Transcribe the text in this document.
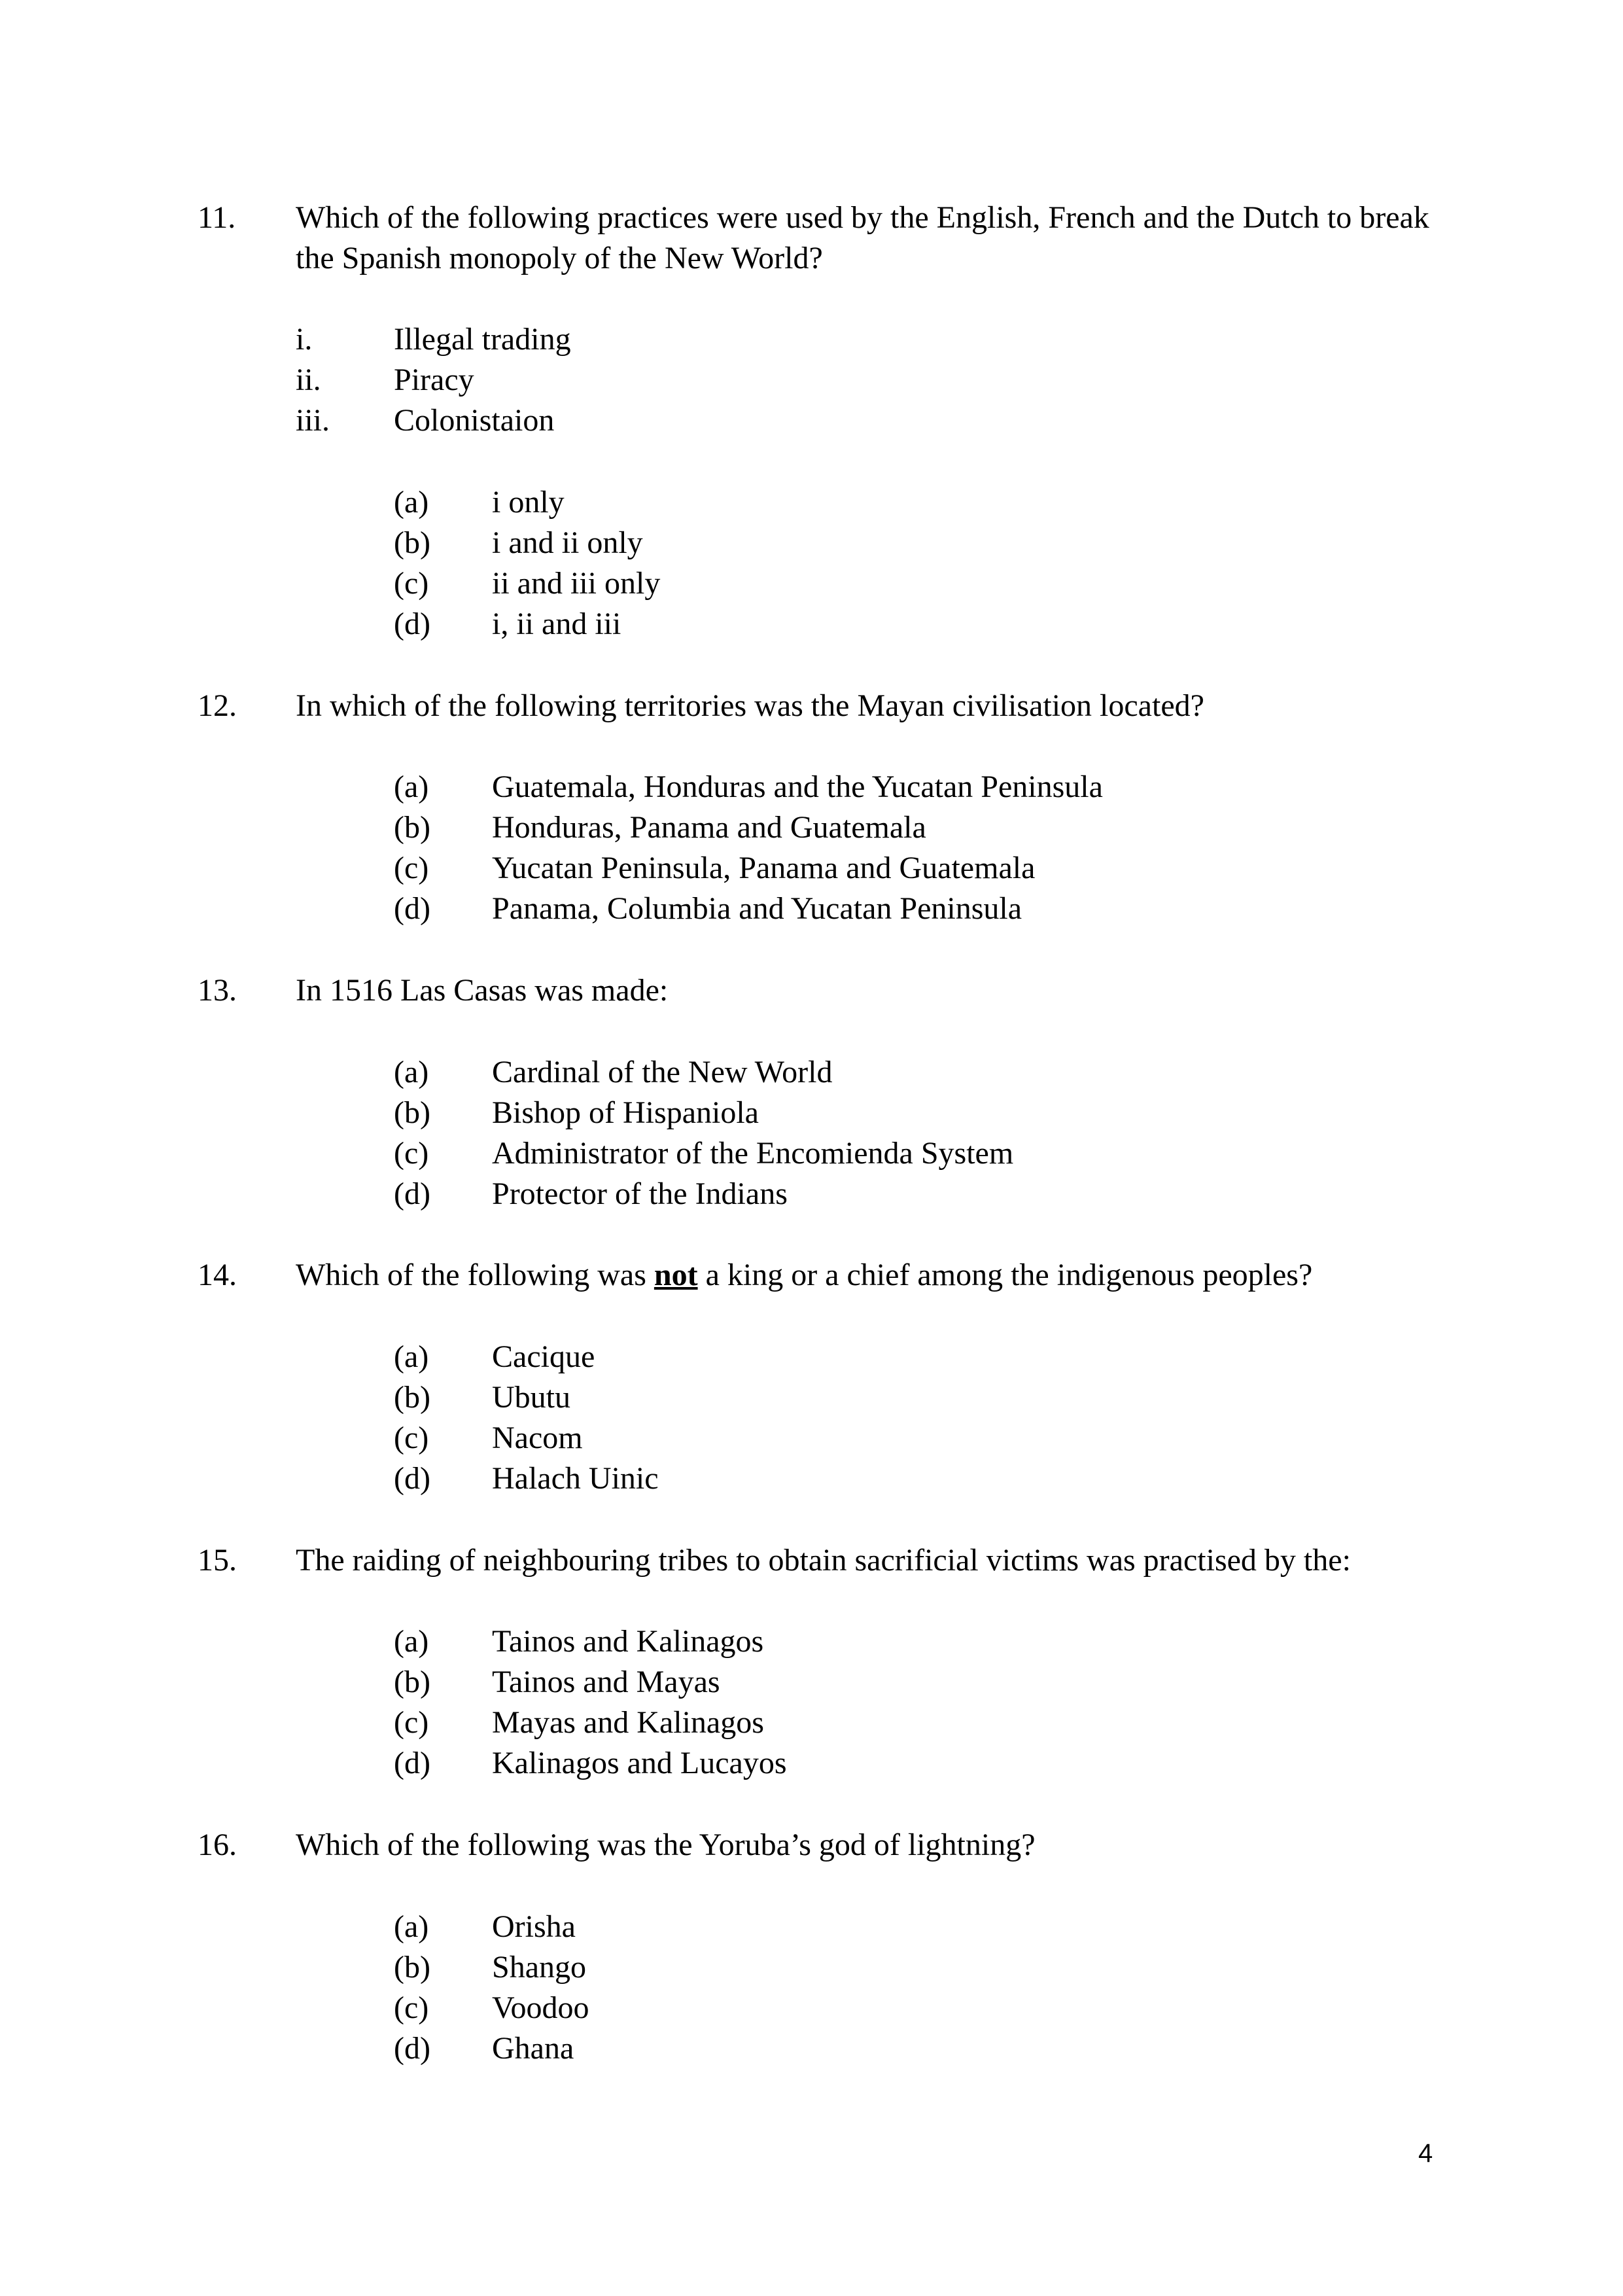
11. Which of the following practices were used by the English, French and the Dutch to break the Spanish monopoly of the New World?
i.	Illegal trading
ii. Piracy
iii. Colonistaion
(a) i only
(b) i and ii only
(c) ii and iii only
(d) i, ii and iii
12. In which of the following territories was the Mayan civilisation located?
(a) Guatemala, Honduras and the Yucatan Peninsula
(b) Honduras, Panama and Guatemala
(c) Yucatan Peninsula, Panama and Guatemala
(d) Panama, Columbia and Yucatan Peninsula
13. In 1516 Las Casas was made:
(a) Cardinal of the New World
(b) Bishop of Hispaniola
(c) Administrator of the Encomienda System
(d) Protector of the Indians
14. Which of the following was not a king or a chief among the indigenous peoples?
(a) Cacique
(b) Ubutu
(c) Nacom
(d) Halach Uinic
15. The raiding of neighbouring tribes to obtain sacrificial victims was practised by the:
(a) Tainos and Kalinagos
(b) Tainos and Mayas
(c) Mayas and Kalinagos
(d) Kalinagos and Lucayos
16. Which of the following was the Yoruba’s god of lightning?
(a) Orisha
(b) Shango
(c) Voodoo
(d) Ghana
4
